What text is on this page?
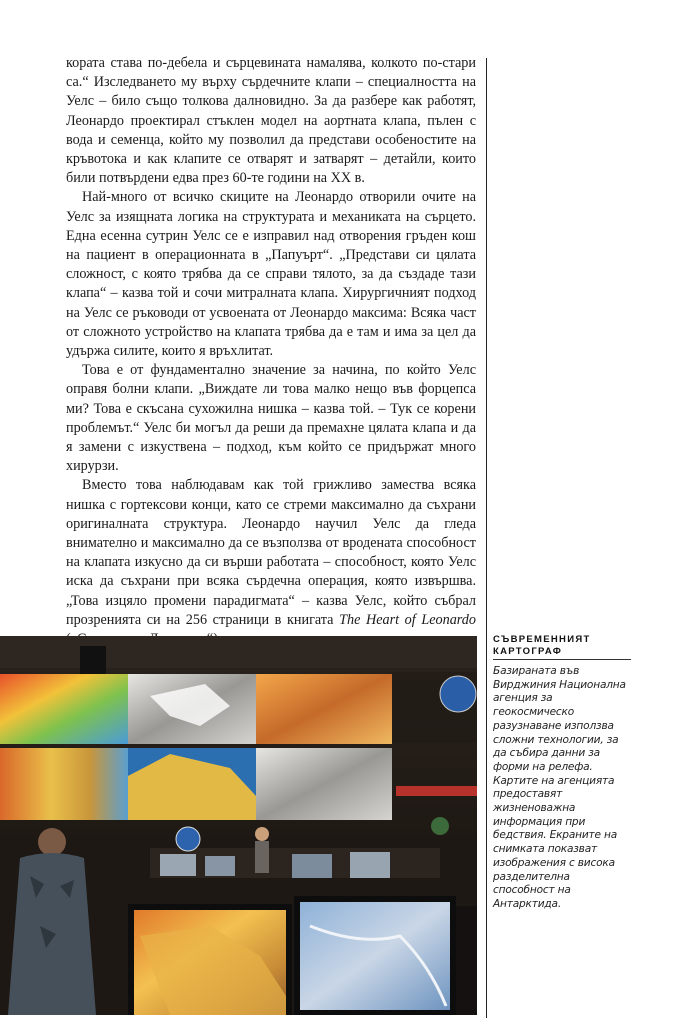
кората става по-дебела и сърцевината намалява, колкото по-стари са.“ Изследването му върху сърдечните клапи – специалността на Уелс – било също толкова далновидно. За да разбере как работят, Леонардо проектирал стъклен модел на аортната клапа, пълен с вода и семенца, който му позволил да представи особеностите на кръвотока и как клапите се отварят и затварят – детайли, които били потвърдени едва през 60-те години на XX в.

Най-много от всичко скиците на Леонардо отворили очите на Уелс за изящната логика на структурата и механиката на сърцето. Една есенна сутрин Уелс се е изправил над отворения гръден кош на пациент в операционната в „Папуърт“. „Представи си цялата сложност, с която трябва да се справи тялото, за да създаде тази клапа“ – казва той и сочи митралната клапа. Хирургичният подход на Уелс се ръководи от усвоената от Леонардо максима: Всяка част от сложното устройство на клапата трябва да е там и има за цел да удържа силите, които я връхлитат.

Това е от фундаментално значение за начина, по който Уелс оправя болни клапи. „Виждате ли това малко нещо във форцепса ми? Това е скъсана сухожилна нишка – казва той. – Тук се корени проблемът.“ Уелс би могъл да реши да премахне цялата клапа и да я замени с изкуствена – подход, към който се придържат много хирурзи.

Вместо това наблюдавам как той грижливо замества всяка нишка с гортексови конци, като се стреми максимално да съхрани оригиналната структура. Леонардо научил Уелс да гледа внимателно и максимално да се възползва от вродената способност на клапата изкусно да си върши работата – способност, която Уелс иска да съхрани при всяка сърдечна операция, която извършва. „Това изцяло промени парадигмата“ – казва Уелс, който събрал прозренията си на 256 страници в книгата The Heart of Leonardo

СЪВРЕМЕННИЯТ КАРТОГРАФ
Базираната във Вирджиния Национална агенция за геокосмическо разузнаване използва сложни технологии, за да събира данни за форми на релефа. Картите на агенцията предоставят жизненоважна информация при бедствия. Екраните на снимката показват изображения с висока разделителна способност на Антарктида.
